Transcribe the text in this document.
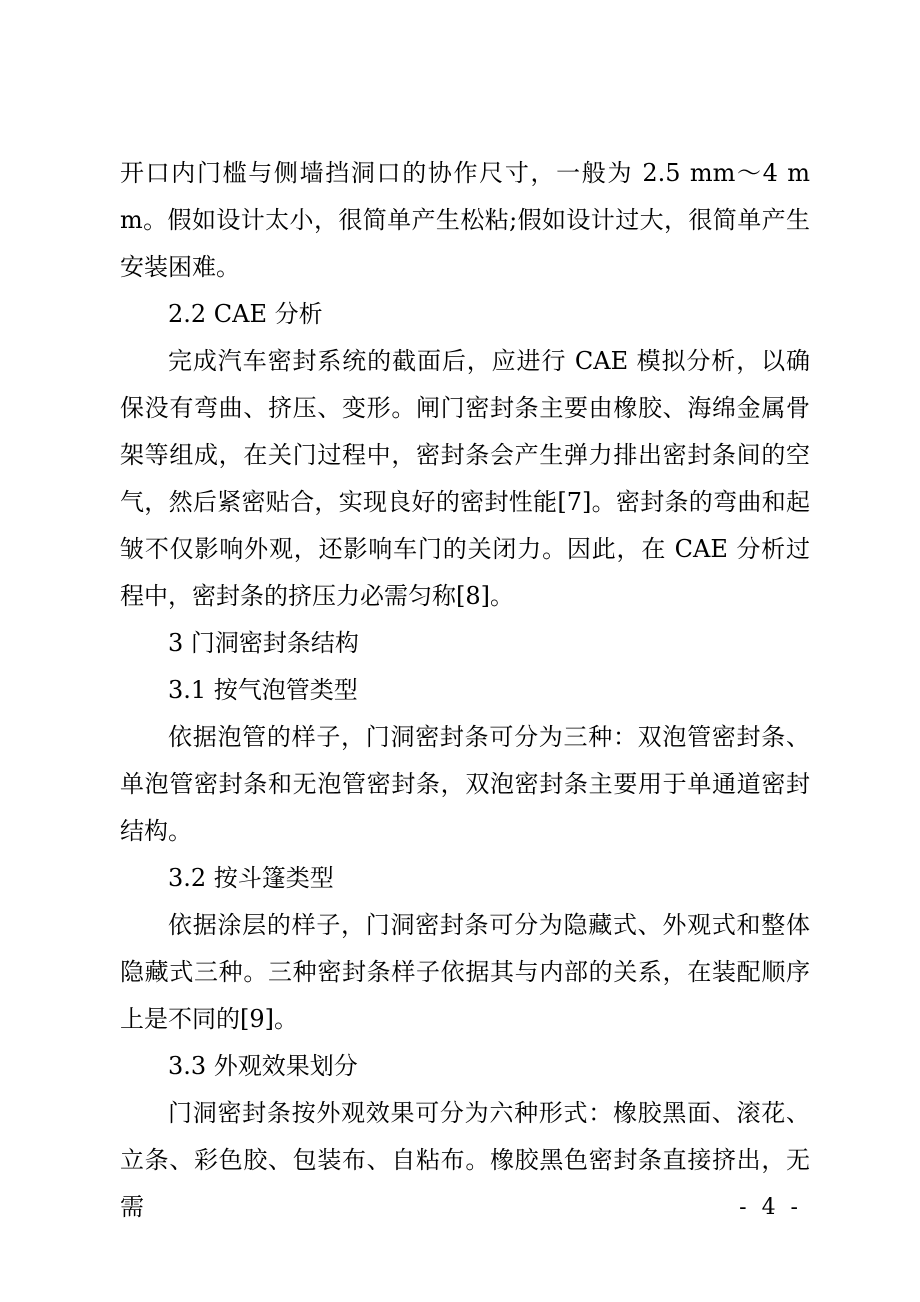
开口内门槛与侧墙挡洞口的协作尺寸，一般为 2.5 mm～4 mm。假如设计太小，很简单产生松粘;假如设计过大，很简单产生安装困难。

2.2 CAE 分析

完成汽车密封系统的截面后，应进行 CAE 模拟分析，以确保没有弯曲、挤压、变形。闸门密封条主要由橡胶、海绵金属骨架等组成，在关门过程中，密封条会产生弹力排出密封条间的空气，然后紧密贴合，实现良好的密封性能[7]。密封条的弯曲和起皱不仅影响外观，还影响车门的关闭力。因此，在 CAE 分析过程中，密封条的挤压力必需匀称[8]。

3 门洞密封条结构

3.1 按气泡管类型

依据泡管的样子，门洞密封条可分为三种：双泡管密封条、单泡管密封条和无泡管密封条，双泡密封条主要用于单通道密封结构。

3.2 按斗篷类型

依据涂层的样子，门洞密封条可分为隐藏式、外观式和整体隐藏式三种。三种密封条样子依据其与内部的关系，在装配顺序上是不同的[9]。

3.3 外观效果划分

门洞密封条按外观效果可分为六种形式：橡胶黑面、滚花、立条、彩色胶、包装布、自粘布。橡胶黑色密封条直接挤出，无需	- 4 -
